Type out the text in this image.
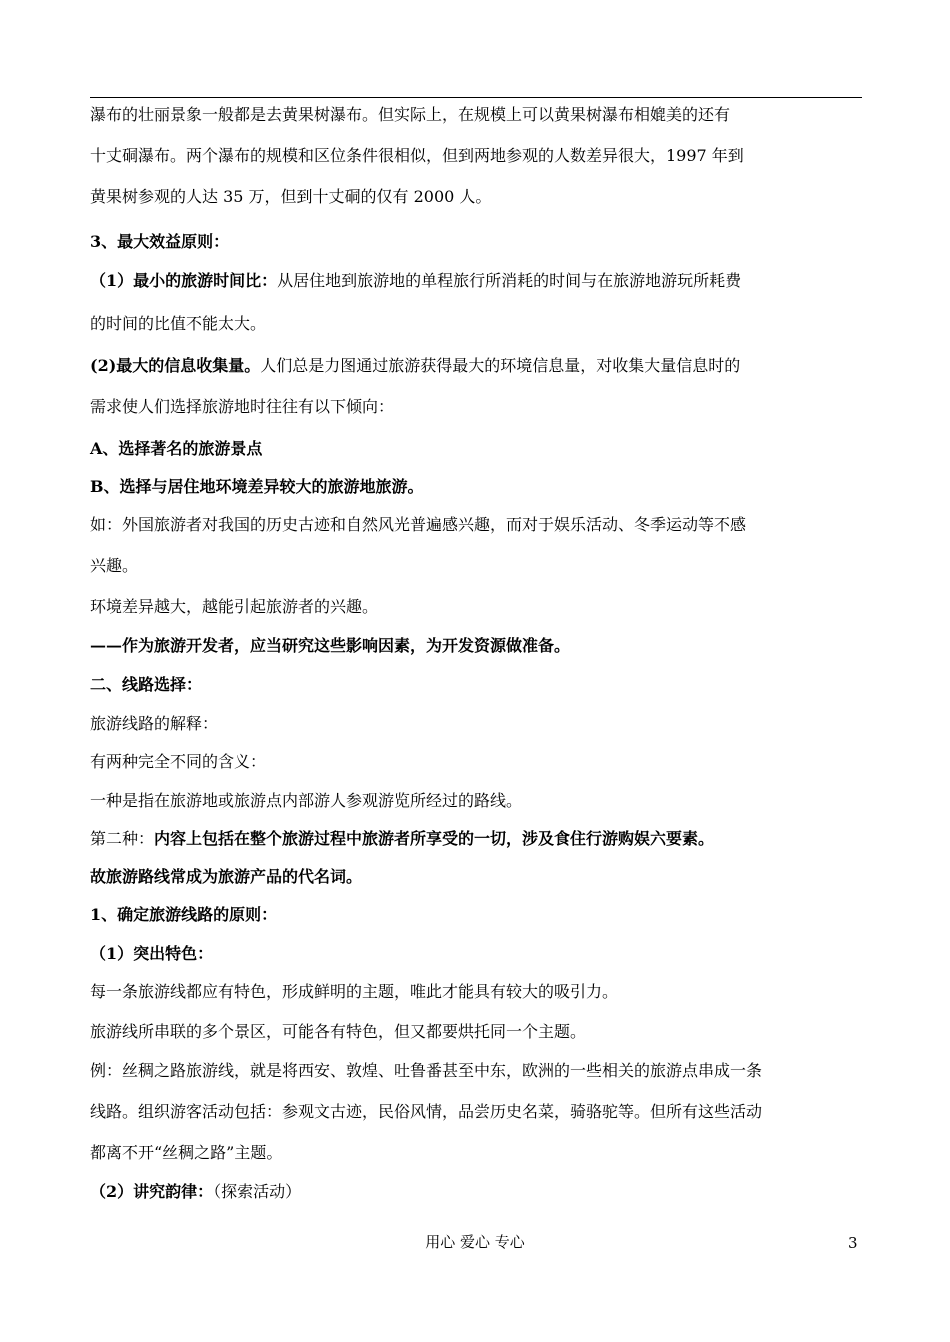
瀑布的壮丽景象一般都是去黄果树瀑布。但实际上，在规模上可以黄果树瀑布相媲美的还有
十丈硐瀑布。两个瀑布的规模和区位条件很相似，但到两地参观的人数差异很大，1997 年到
黄果树参观的人达 35 万，但到十丈硐的仅有 2000 人。
3、最大效益原则：
（1）最小的旅游时间比：从居住地到旅游地的单程旅行所消耗的时间与在旅游地游玩所耗费
的时间的比值不能太大。
(2)最大的信息收集量。人们总是力图通过旅游获得最大的环境信息量，对收集大量信息时的
需求使人们选择旅游地时往往有以下倾向：
A、选择著名的旅游景点
B、选择与居住地环境差异较大的旅游地旅游。
如：外国旅游者对我国的历史古迹和自然风光普遍感兴趣，而对于娱乐活动、冬季运动等不感
兴趣。
环境差异越大，越能引起旅游者的兴趣。
——作为旅游开发者，应当研究这些影响因素，为开发资源做准备。
二、线路选择：
旅游线路的解释：
有两种完全不同的含义：
一种是指在旅游地或旅游点内部游人参观游览所经过的路线。
第二种：内容上包括在整个旅游过程中旅游者所享受的一切，涉及食住行游购娱六要素。
故旅游路线常成为旅游产品的代名词。
1、确定旅游线路的原则：
（1）突出特色：
每一条旅游线都应有特色，形成鲜明的主题，唯此才能具有较大的吸引力。
旅游线所串联的多个景区，可能各有特色，但又都要烘托同一个主题。
例：丝稠之路旅游线，就是将西安、敦煌、吐鲁番甚至中东，欧洲的一些相关的旅游点串成一条
线路。组织游客活动包括：参观文古迹，民俗风情，品尝历史名菜，骑骆驼等。但所有这些活动
都离不开“丝稠之路”主题。
（2）讲究韵律：（探索活动）
用心 爱心 专心	3
